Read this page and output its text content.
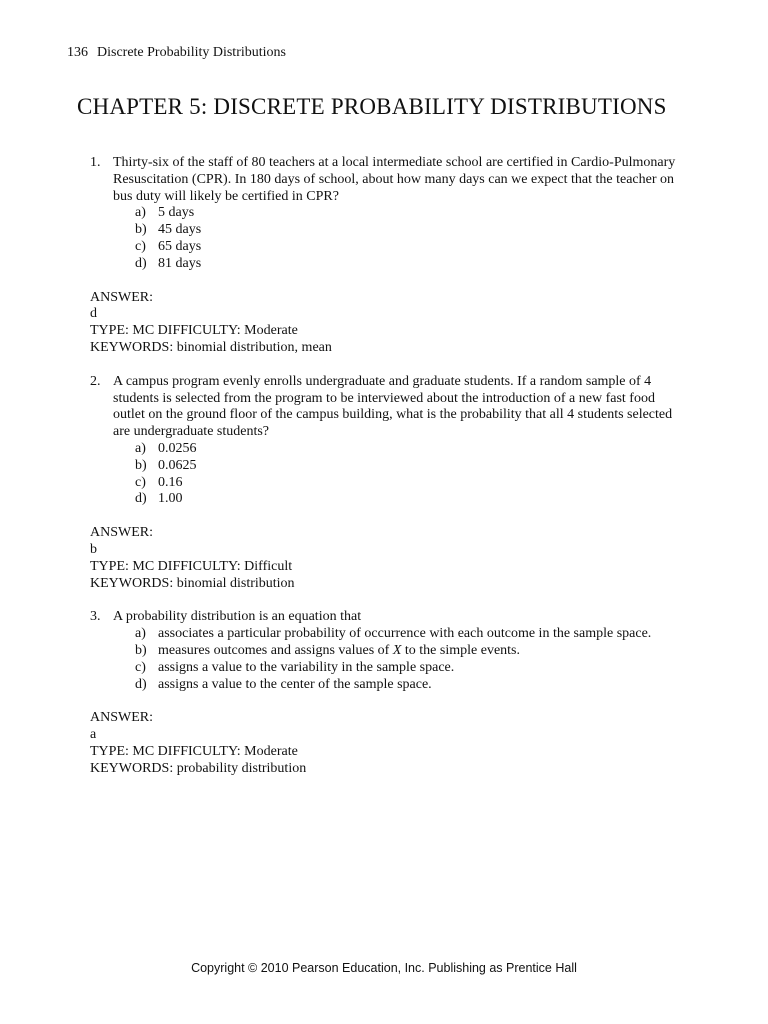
136 Discrete Probability Distributions
CHAPTER 5: DISCRETE PROBABILITY DISTRIBUTIONS
1. Thirty-six of the staff of 80 teachers at a local intermediate school are certified in Cardio-Pulmonary Resuscitation (CPR). In 180 days of school, about how many days can we expect that the teacher on bus duty will likely be certified in CPR?
a) 5 days
b) 45 days
c) 65 days
d) 81 days
ANSWER:
d
TYPE: MC DIFFICULTY: Moderate
KEYWORDS: binomial distribution, mean
2. A campus program evenly enrolls undergraduate and graduate students. If a random sample of 4 students is selected from the program to be interviewed about the introduction of a new fast food outlet on the ground floor of the campus building, what is the probability that all 4 students selected are undergraduate students?
a) 0.0256
b) 0.0625
c) 0.16
d) 1.00
ANSWER:
b
TYPE: MC DIFFICULTY: Difficult
KEYWORDS: binomial distribution
3. A probability distribution is an equation that
a) associates a particular probability of occurrence with each outcome in the sample space.
b) measures outcomes and assigns values of X to the simple events.
c) assigns a value to the variability in the sample space.
d) assigns a value to the center of the sample space.
ANSWER:
a
TYPE: MC DIFFICULTY: Moderate
KEYWORDS: probability distribution
Copyright © 2010 Pearson Education, Inc. Publishing as Prentice Hall
